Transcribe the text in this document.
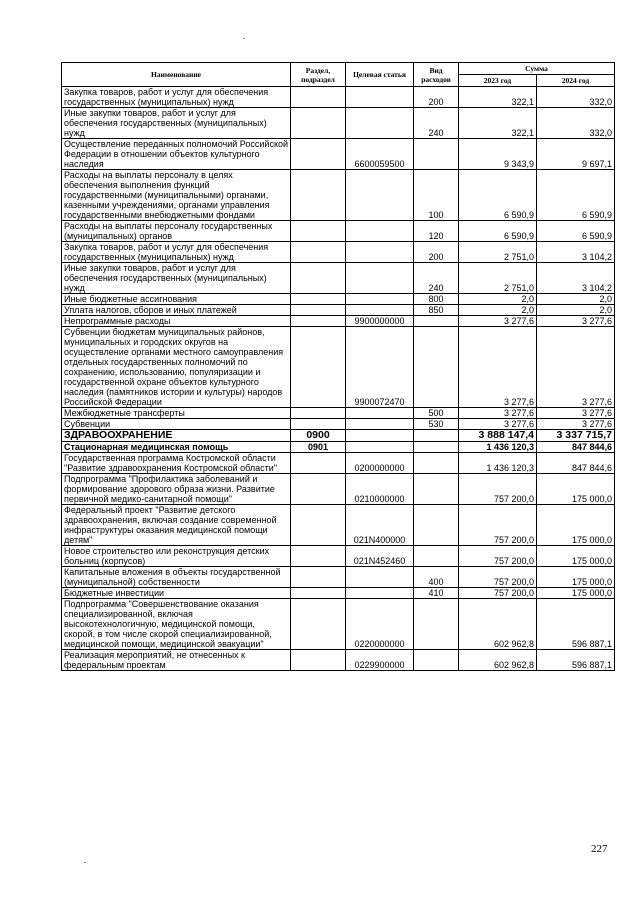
Наименование	Раздел, подраздел	Целевая статья	Вид расходов	Сумма	
				2023 год	2024 год
Закупка товаров, работ и услуг для обеспечения государственных (муниципальных) нужд			200	322,1	332,0
Иные закупки товаров, работ и услуг для обеспечения государственных (муниципальных) нужд			240	322,1	332,0
Осуществление переданных полномочий Российской Федерации в отношении объектов культурного наследия		6600059500		9 343,9	9 697,1
Расходы на выплаты персоналу в целях обеспечения выполнения функций государственными (муниципальными) органами, казенными учреждениями, органами управления государственными внебюджетными фондами			100	6 590,9	6 590,9
Расходы на выплаты персоналу государственных (муниципальных) органов			120	6 590,9	6 590,9
Закупка товаров, работ и услуг для обеспечения государственных (муниципальных) нужд			200	2 751,0	3 104,2
Иные закупки товаров, работ и услуг для обеспечения государственных (муниципальных) нужд			240	2 751,0	3 104,2
Иные бюджетные ассигнования			800	2,0	2,0
Уплата налогов, сборов и иных платежей			850	2,0	2,0
Непрограммные расходы		9900000000		3 277,6	3 277,6
Субвенции бюджетам муниципальных районов, муниципальных и городских округов на осуществление органами местного самоуправления отдельных государственных полномочий по сохранению, использованию, популяризации и государственной охране объектов культурного наследия (памятников истории и культуры) народов Российской Федерации		9900072470		3 277,6	3 277,6
Межбюджетные трансферты			500	3 277,6	3 277,6
Субвенции			530	3 277,6	3 277,6
ЗДРАВООХРАНЕНИЕ	0900			3 888 147,4	3 337 715,7
Стационарная медицинская помощь	0901			1 436 120,3	847 844,6
Государственная программа Костромской области "Развитие здравоохранения Костромской области"		0200000000		1 436 120,3	847 844,6
Подпрограмма "Профилактика заболеваний и формирование здорового образа жизни. Развитие первичной медико-санитарной помощи"		0210000000		757 200,0	175 000,0
Федеральный проект "Развитие детского здравоохранения, включая создание современной инфраструктуры оказания медицинской помощи детям"		021N400000		757 200,0	175 000,0
Новое строительство или реконструкция детских больниц (корпусов)		021N452460		757 200,0	175 000,0
Капитальные вложения в объекты государственной (муниципальной) собственности			400	757 200,0	175 000,0
Бюджетные инвестиции			410	757 200,0	175 000,0
Подпрограмма "Совершенствование оказания специализированной, включая высокотехнологичную, медицинской помощи, скорой, в том числе скорой специализированной, медицинской помощи, медицинской эвакуации"		0220000000		602 962,8	596 887,1
Реализация мероприятий, не отнесенных к федеральным проектам		0229900000		602 962,8	596 887,1
227
